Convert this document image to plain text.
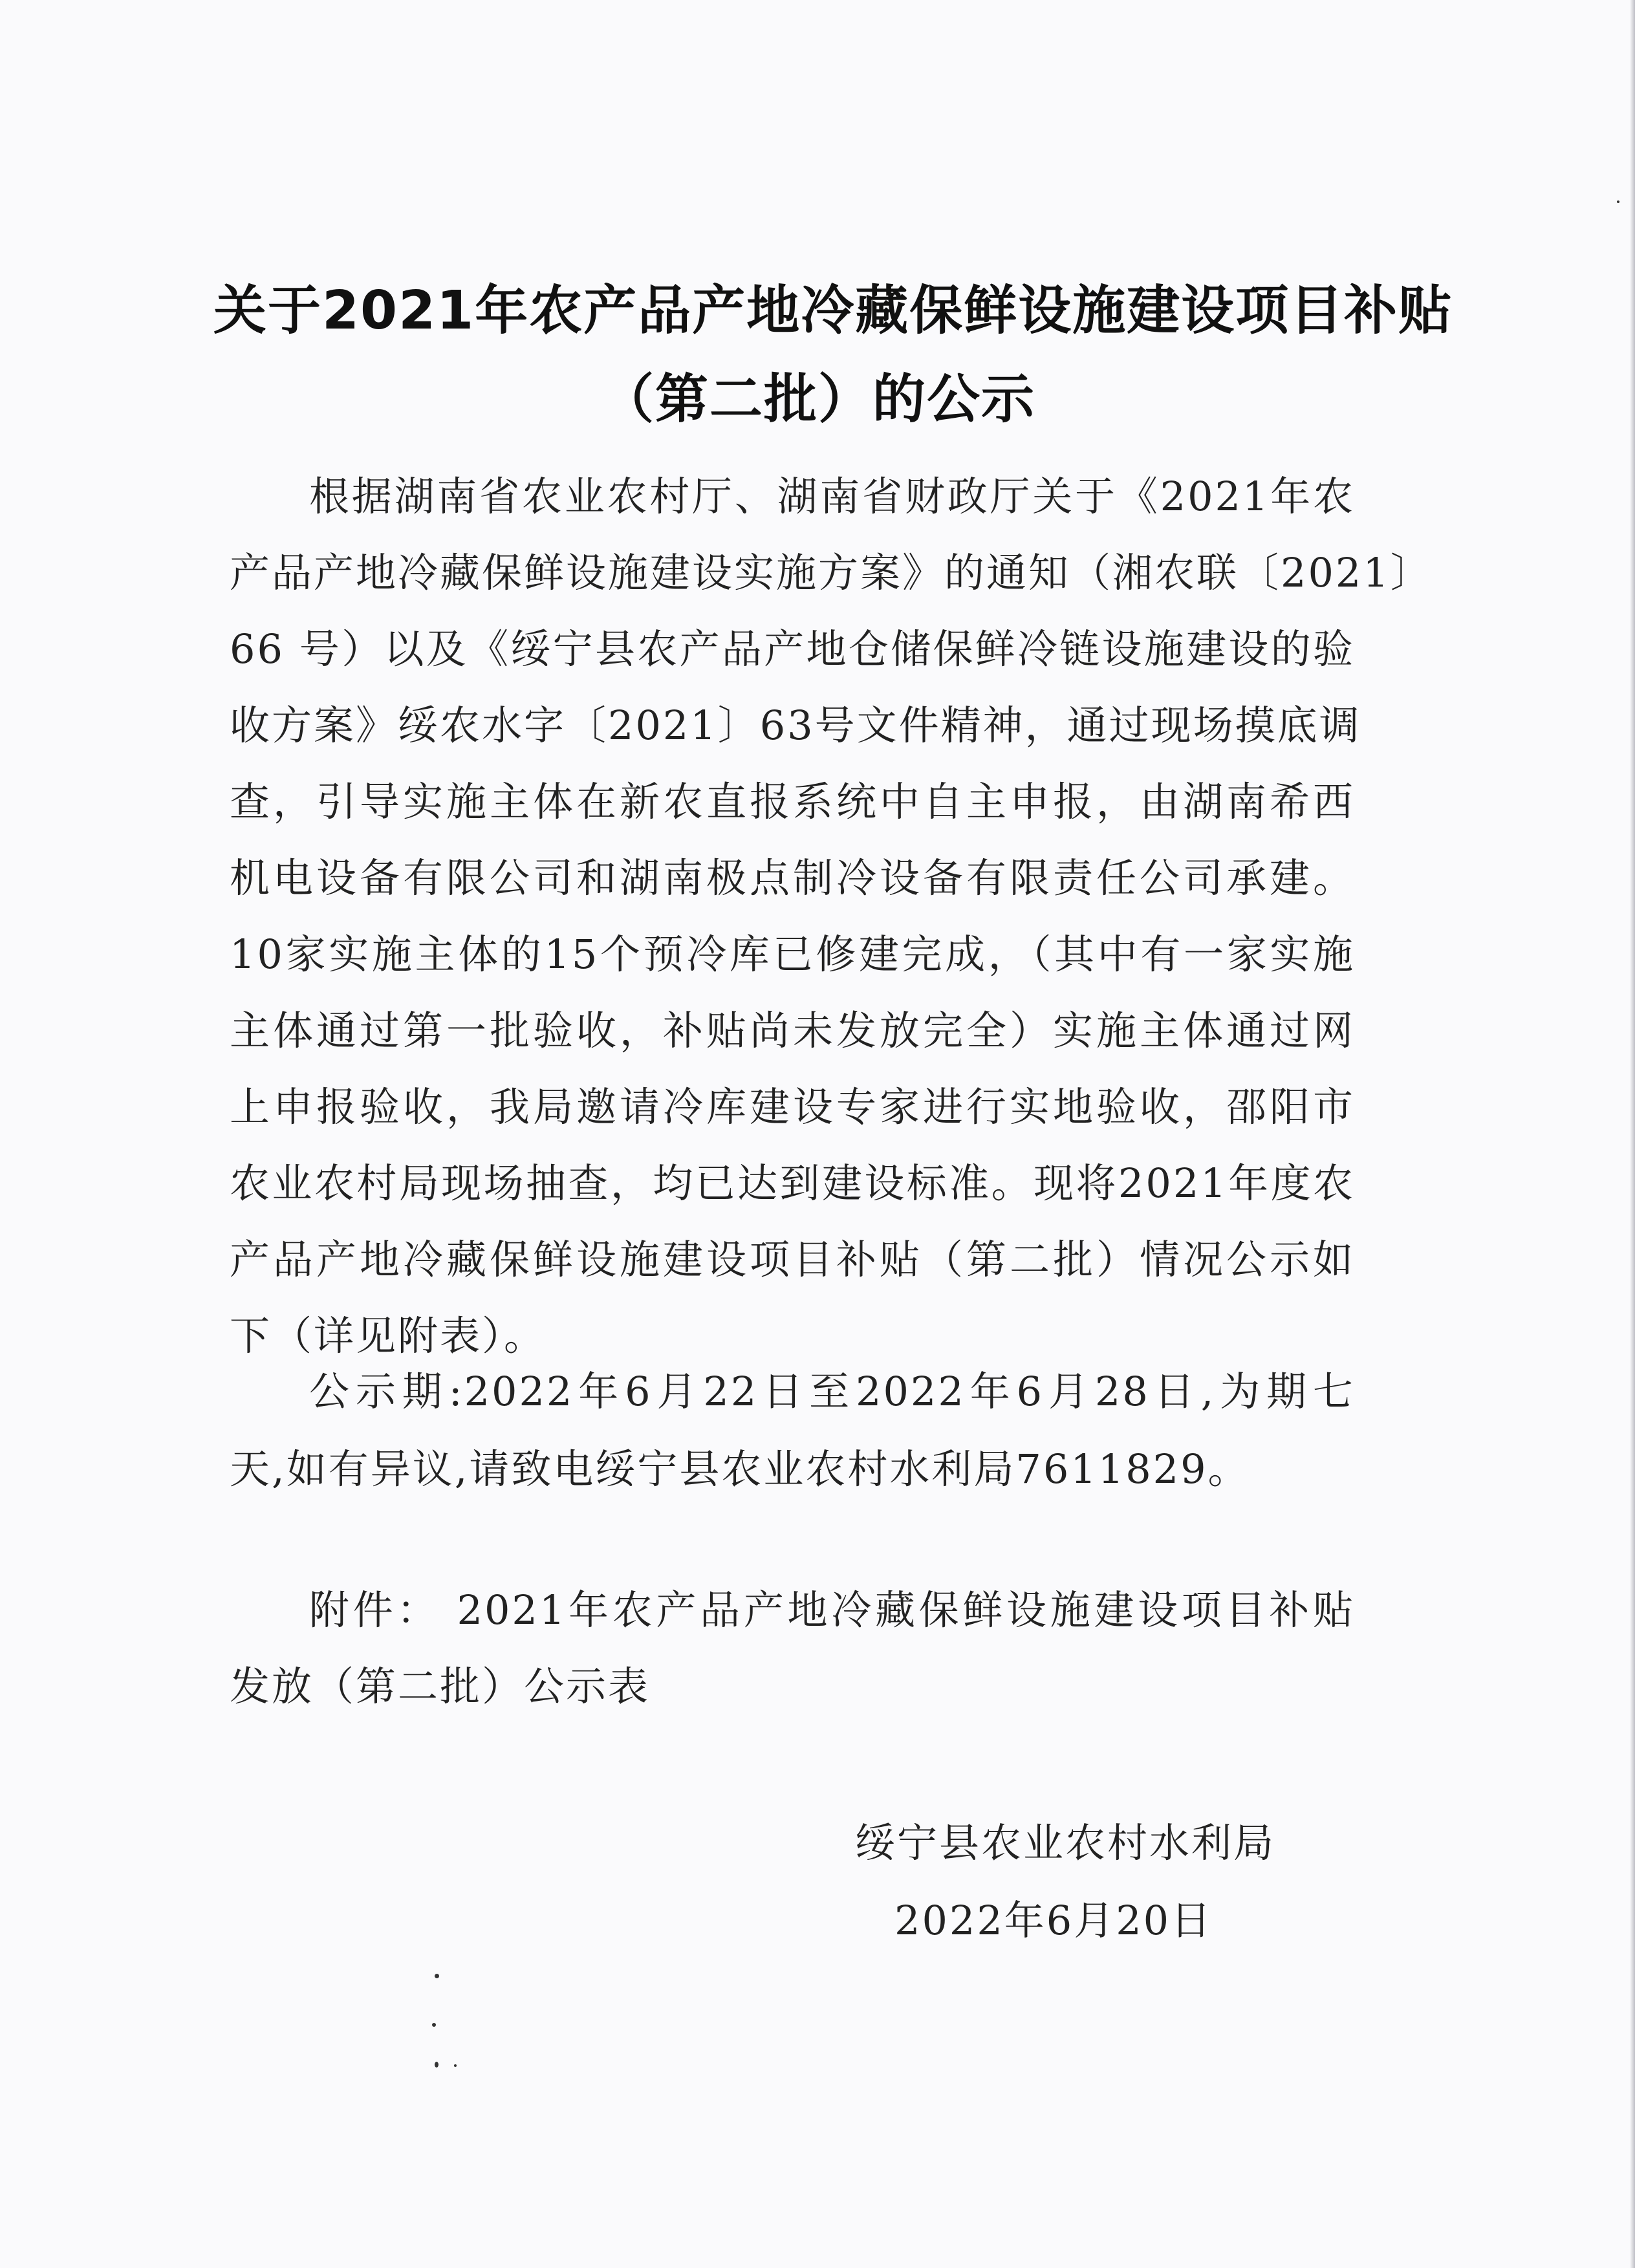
关于2021年农产品产地冷藏保鲜设施建设项目补贴
（第二批）的公示
根据湖南省农业农村厅、湖南省财政厅关于《2021年农
产品产地冷藏保鲜设施建设实施方案》的通知（湘农联〔2021〕
66 号）以及《绥宁县农产品产地仓储保鲜冷链设施建设的验
收方案》绥农水字〔2021〕63号文件精神，通过现场摸底调
查，引导实施主体在新农直报系统中自主申报，由湖南希西
机电设备有限公司和湖南极点制冷设备有限责任公司承建。
10家实施主体的15个预冷库已修建完成，（其中有一家实施
主体通过第一批验收，补贴尚未发放完全）实施主体通过网
上申报验收，我局邀请冷库建设专家进行实地验收，邵阳市
农业农村局现场抽查，均已达到建设标准。现将2021年度农
产品产地冷藏保鲜设施建设项目补贴（第二批）情况公示如
下（详见附表）。
公示期:2022年6月22日至2022年6月28日,为期七
天,如有异议,请致电绥宁县农业农村水利局7611829。
附件： 2021年农产品产地冷藏保鲜设施建设项目补贴
发放（第二批）公示表
绥宁县农业农村水利局
2022年6月20日
